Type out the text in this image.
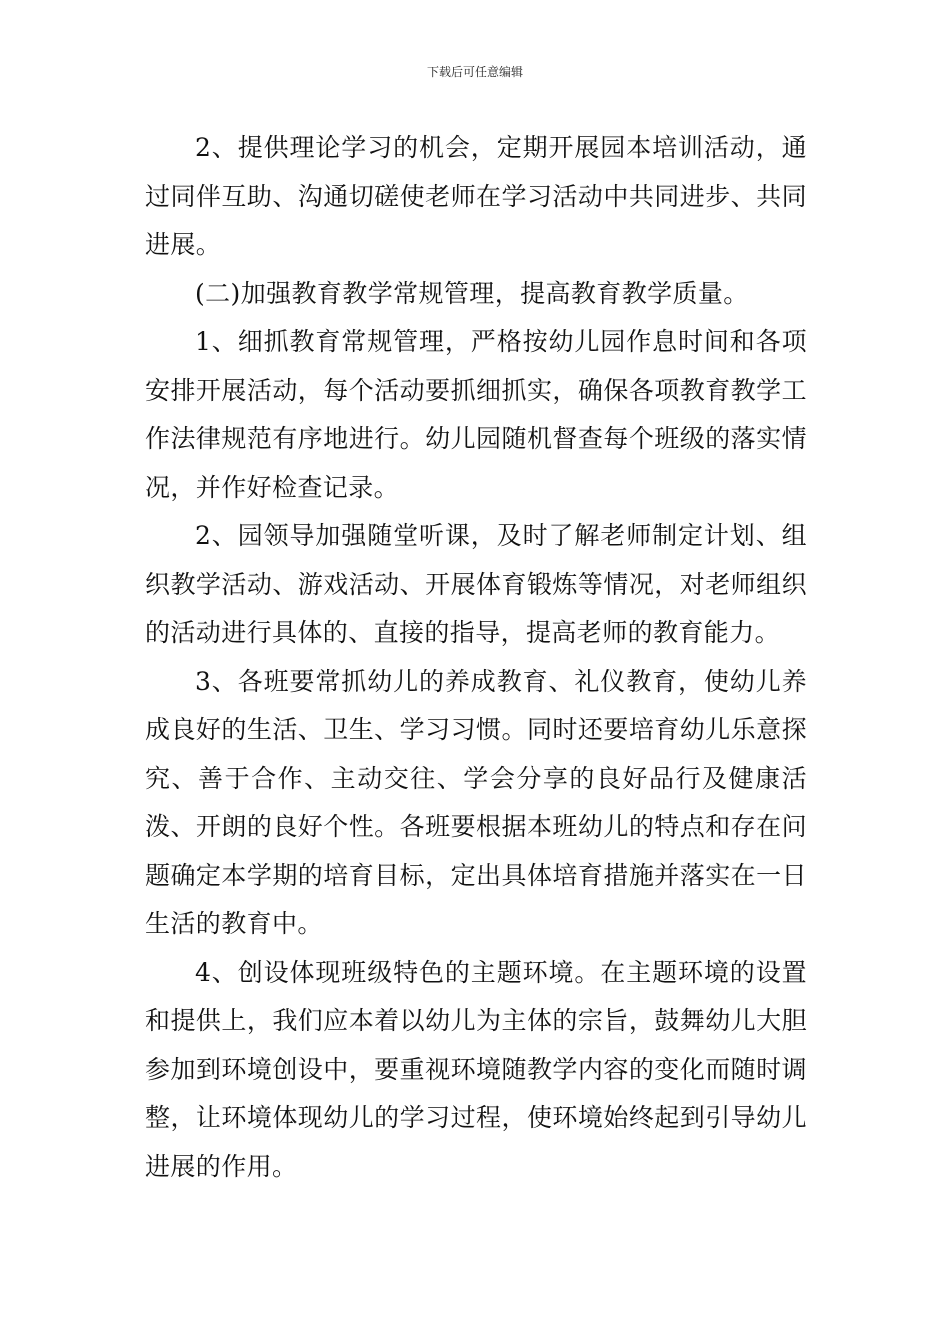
下载后可任意编辑

2、提供理论学习的机会，定期开展园本培训活动，通过同伴互助、沟通切磋使老师在学习活动中共同进步、共同进展。

(二)加强教育教学常规管理，提高教育教学质量。

1、细抓教育常规管理，严格按幼儿园作息时间和各项安排开展活动，每个活动要抓细抓实，确保各项教育教学工作法律规范有序地进行。幼儿园随机督查每个班级的落实情况，并作好检查记录。

2、园领导加强随堂听课，及时了解老师制定计划、组织教学活动、游戏活动、开展体育锻炼等情况，对老师组织的活动进行具体的、直接的指导，提高老师的教育能力。

3、各班要常抓幼儿的养成教育、礼仪教育，使幼儿养成良好的生活、卫生、学习习惯。同时还要培育幼儿乐意探究、善于合作、主动交往、学会分享的良好品行及健康活泼、开朗的良好个性。各班要根据本班幼儿的特点和存在问题确定本学期的培育目标，定出具体培育措施并落实在一日生活的教育中。

4、创设体现班级特色的主题环境。在主题环境的设置和提供上，我们应本着以幼儿为主体的宗旨，鼓舞幼儿大胆参加到环境创设中，要重视环境随教学内容的变化而随时调整，让环境体现幼儿的学习过程，使环境始终起到引导幼儿进展的作用。
